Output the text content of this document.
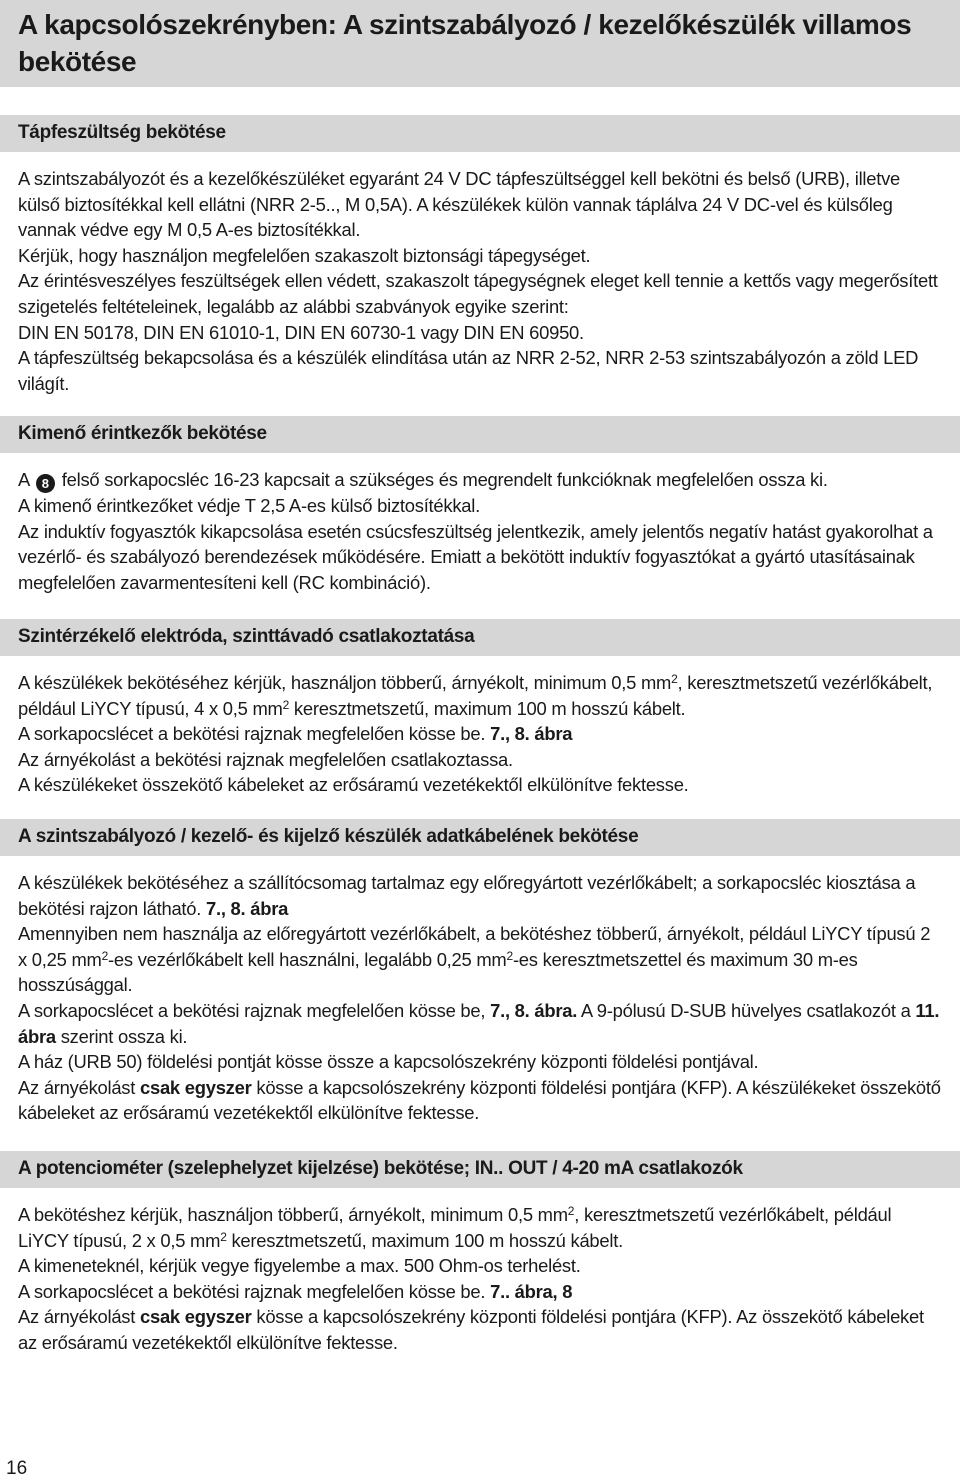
A kapcsolószekrényben: A szintszabályozó / kezelőkészülék villamos bekötése
Tápfeszültség bekötése

A szintszabályozót és a kezelőkészüléket egyaránt 24 V DC tápfeszültséggel kell bekötni és belső (URB), illetve külső biztosítékkal kell ellátni (NRR 2-5.., M 0,5A). A készülékek külön vannak táplálva 24 V DC-vel és külsőleg vannak védve egy M 0,5 A-es biztosítékkal.

Kérjük, hogy használjon megfelelően szakaszolt biztonsági tápegységet.

Az érintésveszélyes feszültségek ellen védett, szakaszolt tápegységnek eleget kell tennie a kettős vagy megerősített szigetelés feltételeinek, legalább az alábbi szabványok egyike szerint:

DIN EN 50178, DIN EN 61010-1, DIN EN 60730-1 vagy DIN EN 60950.

A tápfeszültség bekapcsolása és a készülék elindítása után az NRR 2-52, NRR 2-53 szintszabályozón a zöld LED világít.

Kimenő érintkezők bekötése

A 8 felső sorkapocsléc 16-23 kapcsait a szükséges és megrendelt funkcióknak megfelelően ossza ki.

A kimenő érintkezőket védje T 2,5 A-es külső biztosítékkal.

Az induktív fogyasztók kikapcsolása esetén csúcsfeszültség jelentkezik, amely jelentős negatív hatást gyakorolhat a vezérlő- és szabályozó berendezések működésére. Emiatt a bekötött induktív fogyasztókat a gyártó utasításainak megfelelően zavarmentesíteni kell (RC kombináció).

Szintérzékelő elektróda, szinttávadó csatlakoztatása

A készülékek bekötéséhez kérjük, használjon többerű, árnyékolt, minimum 0,5 $mm^2$, keresztmetszetű vezérlőkábelt, például LiYCY típusú, 4 x 0,5 $mm^2$ keresztmetszetű, maximum 100 m hosszú kábelt.

A sorkapocslécet a bekötési rajznak megfelelően kösse be. 7., 8. ábra

Az árnyékolást a bekötési rajznak megfelelően csatlakoztassa.

A készülékeket összekötő kábeleket az erősáramú vezetékektől elkülönítve fektesse.

A szintszabályozó / kezelő- és kijelző készülék adatkábelének bekötése

A készülékek bekötéséhez a szállítócsomag tartalmaz egy előregyártott vezérlőkábelt; a sorkapocsléc kiosztása a bekötési rajzon látható. 7., 8. ábra

Amennyiben nem használja az előregyártott vezérlőkábelt, a bekötéshez többerű, árnyékolt, például LiYCY típusú 2 x 0,25 $mm^2-es$ vezérlőkábelt kell használni, legalább 0,25 $mm^2-es$ keresztmetszettel és maximum 30 m-es hosszúsággal.

A sorkapocslécet a bekötési rajznak megfelelően kösse be, 7., 8. ábra. A 9-pólusú D-SUB hüvelyes csatlakozót a 11. ábra szerint ossza ki.

A ház (URB 50) földelési pontját kösse össze a kapcsolószekrény központi földelési pontjával.

Az árnyékolást csak egyszer kösse a kapcsolószekrény központi földelési pontjára (KFP). A készülékeket összekötő kábeleket az erősáramú vezetékektől elkülönítve fektesse.

A potenciométer (szelephelyzet kijelzése) bekötése; IN.. OUT / 4-20 mA csatlakozók

A bekötéshez kérjük, használjon többerű, árnyékolt, minimum 0,5 $mm^2$, keresztmetszetű vezérlőkábelt, például LiYCY típusú, 2 x 0,5 $mm^2$ keresztmetszetű, maximum 100 m hosszú kábelt.

A kimeneteknél, kérjük vegye figyelembe a max. 500 Ohm-os terhelést.

A sorkapocslécet a bekötési rajznak megfelelően kösse be. 7.. ábra, 8

Az árnyékolást csak egyszer kösse a kapcsolószekrény központi földelési pontjára (KFP). Az összekötő kábeleket az erősáramú vezetékektől elkülönítve fektesse.

16
